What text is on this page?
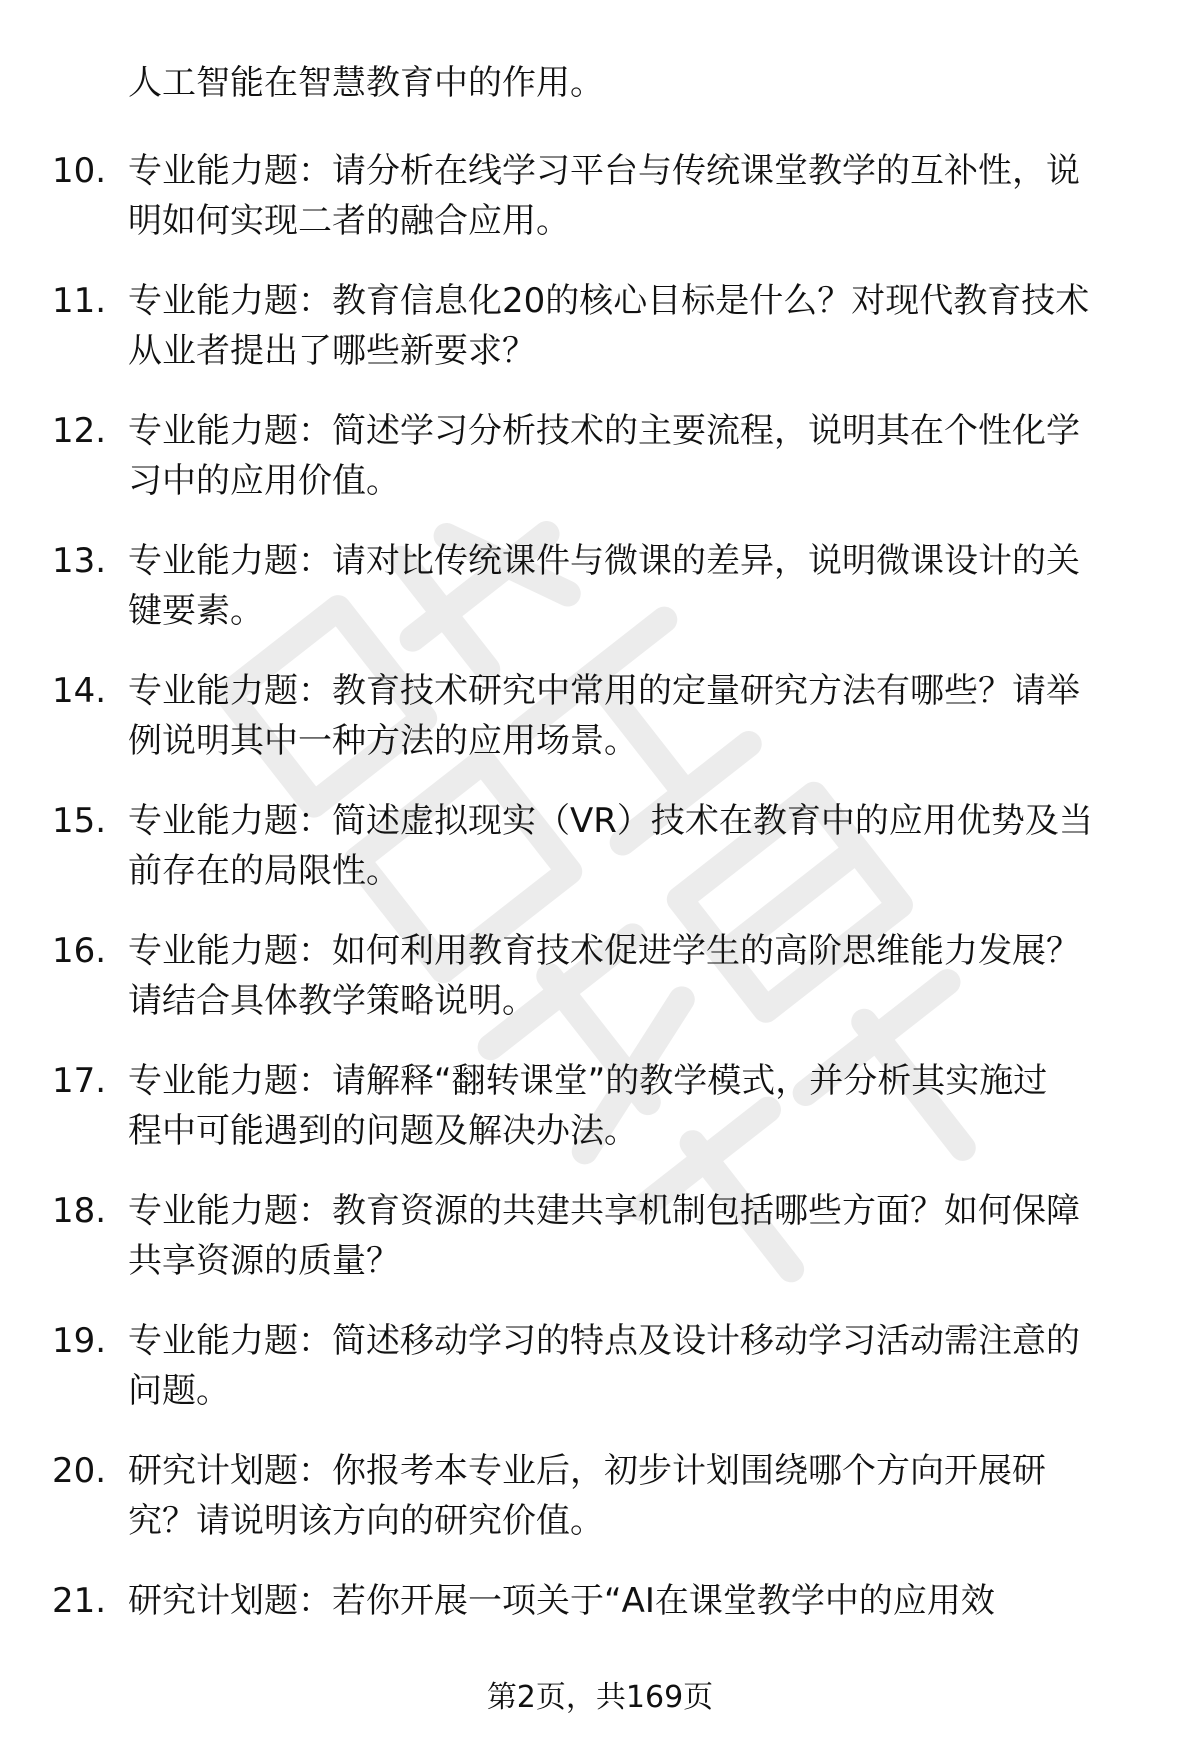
人工智能在智慧教育中的作用。
10. 专业能力题：请分析在线学习平台与传统课堂教学的互补性，说
明如何实现二者的融合应用。
11. 专业能力题：教育信息化20的核心目标是什么？对现代教育技术
从业者提出了哪些新要求？
12. 专业能力题：简述学习分析技术的主要流程，说明其在个性化学
习中的应用价值。
13. 专业能力题：请对比传统课件与微课的差异，说明微课设计的关
键要素。
14. 专业能力题：教育技术研究中常用的定量研究方法有哪些？请举
例说明其中一种方法的应用场景。
15. 专业能力题：简述虚拟现实（VR）技术在教育中的应用优势及当
前存在的局限性。
16. 专业能力题：如何利用教育技术促进学生的高阶思维能力发展？
请结合具体教学策略说明。
17. 专业能力题：请解释“翻转课堂”的教学模式，并分析其实施过
程中可能遇到的问题及解决办法。
18. 专业能力题：教育资源的共建共享机制包括哪些方面？如何保障
共享资源的质量？
19. 专业能力题：简述移动学习的特点及设计移动学习活动需注意的
问题。
20. 研究计划题：你报考本专业后，初步计划围绕哪个方向开展研
究？请说明该方向的研究价值。
21. 研究计划题：若你开展一项关于“AI在课堂教学中的应用效
第2页，共169页
